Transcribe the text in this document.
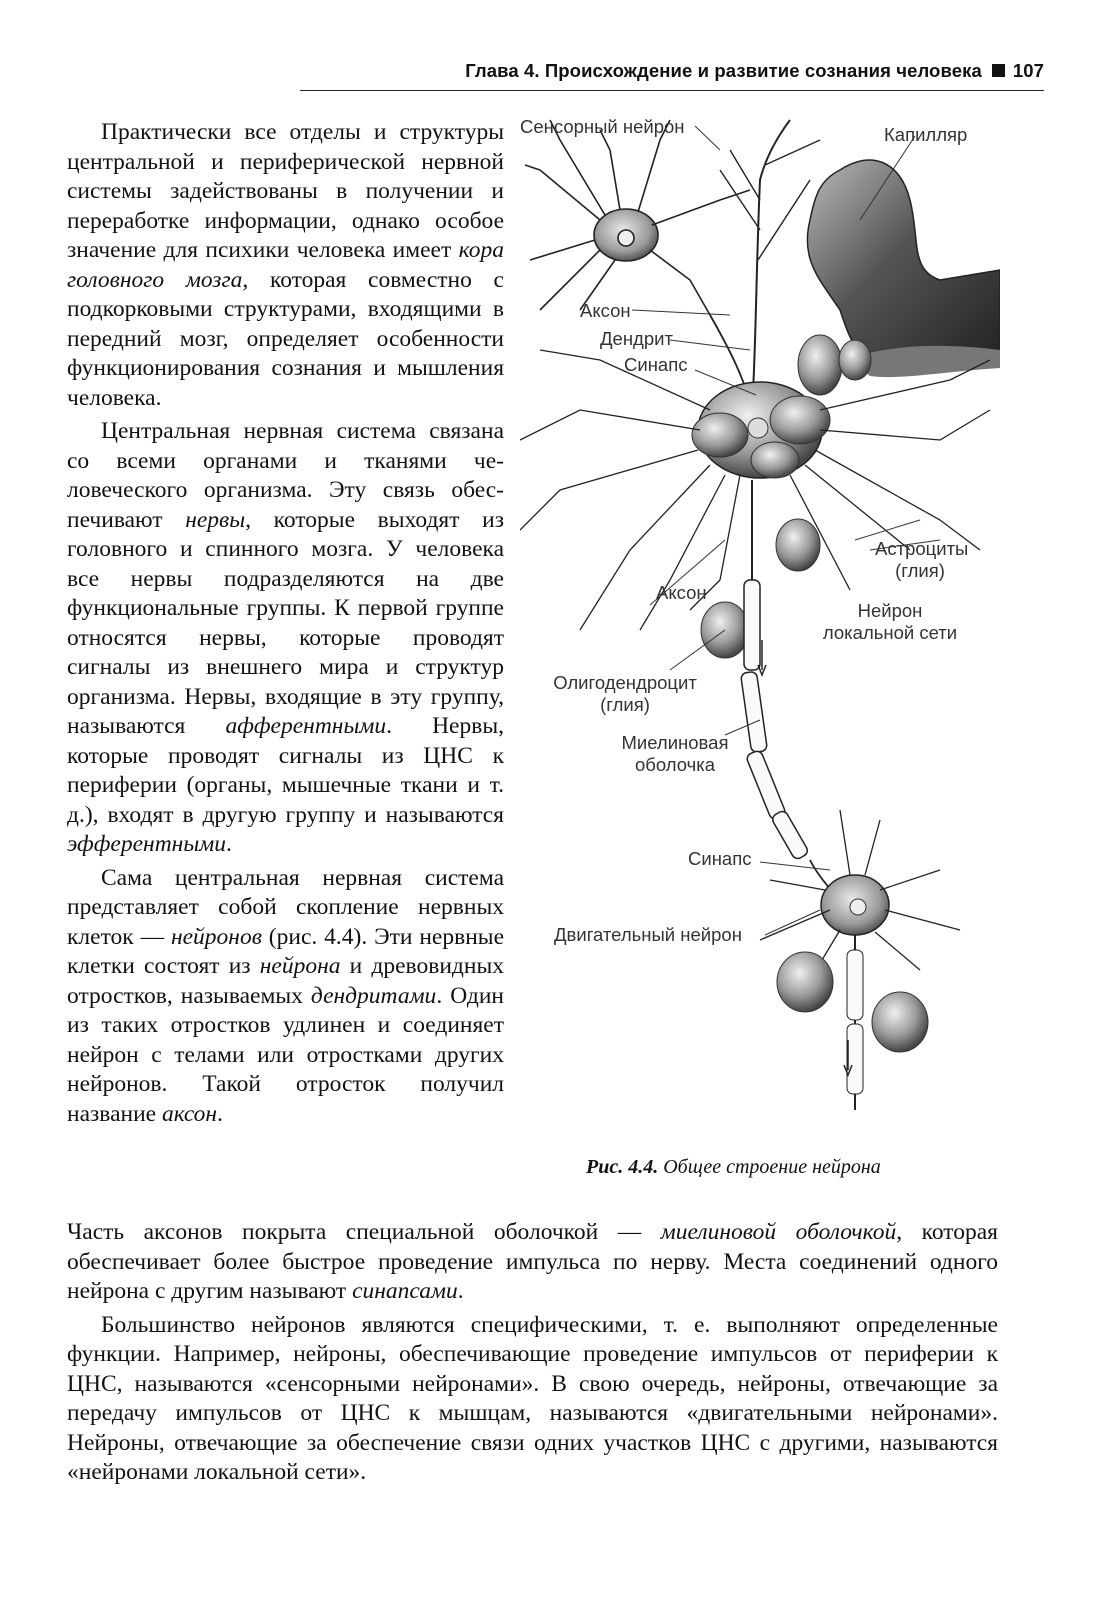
Глава 4. Происхождение и развитие сознания человека 107

Практически все отделы и структуры центральной и периферической нервной системы задействованы в получении и переработке информации, однако особое значение для психики человека имеет кора головного мозга, которая совместно с подкорковыми структурами, входящими в передний мозг, определяет особенности функционирования сознания и мышления человека.

Центральная нервная система связана со всеми органами и тканями человеческого организма. Эту связь обеспечивают нервы, которые выходят из головного и спинного мозга. У человека все нервы подразделяются на две функциональные группы. К первой группе относятся нервы, которые проводят сигналы из внешнего мира и структур организма. Нервы, входящие в эту группу, называются афферентными. Нервы, которые проводят сигналы из ЦНС к периферии (органы, мышечные ткани и т. д.), входят в другую группу и называются эфферентными.

Сама центральная нервная система представляет собой скопление нервных клеток — нейронов (рис. 4.4). Эти нервные клетки состоят из нейрона и древовидных отростков, называемых дендритами. Один из таких отростков удлинен и соединяет нейрон с телами или отростками других нейронов. Такой отросток получил название аксон.

Сенсорный нейрон	Капилляр
Аксон
Дендрит
Синапс
Астроциты
(глия)
Аксон
Нейрон
локальной сети
Олигодендроцит
(глия)
Миелиновая
оболочка
Синапс
Двигательный нейрон
Рис. 4.4. Общее строение нейрона

Часть аксонов покрыта специальной оболочкой — миелиновой оболочкой, которая обеспечивает более быстрое проведение импульса по нерву. Места соединений одного нейрона с другим называют синапсами.

Большинство нейронов являются специфическими, т. е. выполняют определенные функции. Например, нейроны, обеспечивающие проведение импульсов от периферии к ЦНС, называются «сенсорными нейронами». В свою очередь, нейроны, отвечающие за передачу импульсов от ЦНС к мышцам, называются «двигательными нейронами». Нейроны, отвечающие за обеспечение связи одних участков ЦНС с другими, называются «нейронами локальной сети».
